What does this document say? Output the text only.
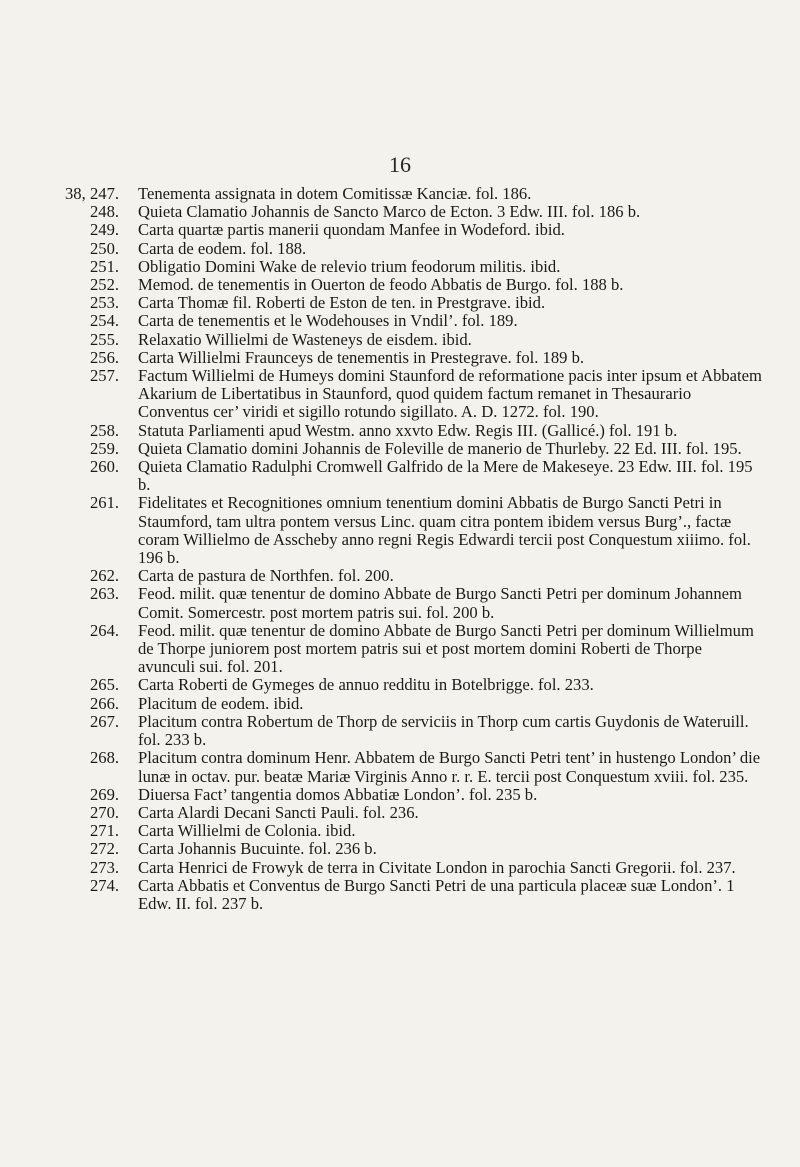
16
38, 247.	Tenementa assignata in dotem Comitissæ Kanciæ. fol. 186.
248.	Quieta Clamatio Johannis de Sancto Marco de Ecton. 3 Edw. III. fol. 186 b.
249.	Carta quartæ partis manerii quondam Manfee in Wodeford. ibid.
250.	Carta de eodem. fol. 188.
251.	Obligatio Domini Wake de relevio trium feodorum militis. ibid.
252.	Memod. de tenementis in Ouerton de feodo Abbatis de Burgo. fol. 188 b.
253.	Carta Thomæ fil. Roberti de Eston de ten. in Prestgrave. ibid.
254.	Carta de tenementis et le Wodehouses in Vndil’. fol. 189.
255.	Relaxatio Willielmi de Wasteneys de eisdem. ibid.
256.	Carta Willielmi Fraunceys de tenementis in Prestegrave. fol. 189 b.
257.	Factum Willielmi de Humeys domini Staunford de reformatione pacis inter ipsum et Abbatem Akarium de Libertatibus in Staunford, quod quidem factum remanet in Thesaurario Conventus cer’ viridi et sigillo rotundo sigillato. A. D. 1272. fol. 190.
258.	Statuta Parliamenti apud Westm. anno xxvto Edw. Regis III. (Gallicé.) fol. 191 b.
259.	Quieta Clamatio domini Johannis de Foleville de manerio de Thurleby. 22 Ed. III. fol. 195.
260.	Quieta Clamatio Radulphi Cromwell Galfrido de la Mere de Makeseye. 23 Edw. III. fol. 195 b.
261.	Fidelitates et Recognitiones omnium tenentium domini Abbatis de Burgo Sancti Petri in Staumford, tam ultra pontem versus Linc. quam citra pontem ibidem versus Burg’., factæ coram Willielmo de Asscheby anno regni Regis Edwardi tercii post Conquestum xiiimo. fol. 196 b.
262.	Carta de pastura de Northfen. fol. 200.
263.	Feod. milit. quæ tenentur de domino Abbate de Burgo Sancti Petri per dominum Johannem Comit. Somercestr. post mortem patris sui. fol. 200 b.
264.	Feod. milit. quæ tenentur de domino Abbate de Burgo Sancti Petri per dominum Willielmum de Thorpe juniorem post mortem patris sui et post mortem domini Roberti de Thorpe avunculi sui. fol. 201.
265.	Carta Roberti de Gymeges de annuo redditu in Botelbrigge. fol. 233.
266.	Placitum de eodem. ibid.
267.	Placitum contra Robertum de Thorp de serviciis in Thorp cum cartis Guydonis de Wateruill. fol. 233 b.
268.	Placitum contra dominum Henr. Abbatem de Burgo Sancti Petri tent’ in hustengo London’ die lunæ in octav. pur. beatæ Mariæ Virginis Anno r. r. E. tercii post Conquestum xviii. fol. 235.
269.	Diuersa Fact’ tangentia domos Abbatiæ London’. fol. 235 b.
270.	Carta Alardi Decani Sancti Pauli. fol. 236.
271.	Carta Willielmi de Colonia. ibid.
272.	Carta Johannis Bucuinte. fol. 236 b.
273.	Carta Henrici de Frowyk de terra in Civitate London in parochia Sancti Gregorii. fol. 237.
274.	Carta Abbatis et Conventus de Burgo Sancti Petri de una particula placeæ suæ London’. 1 Edw. II. fol. 237 b.
